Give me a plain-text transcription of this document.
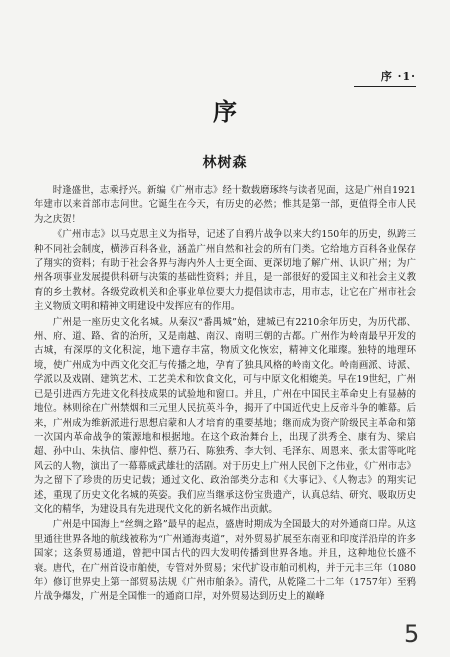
序 ·1·
序
林树森

时逢盛世，志乘抒兴。新编《广州市志》经十数载磨琢终与读者见面，这是广州自1921年建市以来首部市志问世。它诞生在今天，有历史的必然；惟其是第一部，更值得全市人民为之庆贺！

《广州市志》以马克思主义为指导，记述了自鸦片战争以来大约150年的历史，纵跨三种不同社会制度，横涉百科各业，涵盖广州自然和社会的所有门类。它给地方百科各业保存了翔实的资料；有助于社会各界与海内外人士更全面、更深切地了解广州、认识广州；为广州各项事业发展提供科研与决策的基础性资料；并且，是一部很好的爱国主义和社会主义教育的乡土教材。各级党政机关和企事业单位要大力提倡读市志，用市志，让它在广州市社会主义物质文明和精神文明建设中发挥应有的作用。

广州是一座历史文化名城。从秦汉“番禺城”始，建城已有2210余年历史，为历代郡、州、府、道、路、省的治所，又是南越、南汉、南明三朝的古都。广州作为岭南最早开发的古城，有深厚的文化积淀，地下遗存丰富，物质文化恢宏，精神文化璀璨。独特的地理环境，使广州成为中西文化交汇与传播之地，孕育了独具风格的岭南文化。岭南画派、诗派、学派以及戏剧、建筑艺术、工艺美术和饮食文化，可与中原文化相媲美。早在19世纪，广州已是引进西方先进文化科技成果的试验地和窗口。并且，广州在中国民主革命史上有显赫的地位。林则徐在广州禁烟和三元里人民抗英斗争，揭开了中国近代史上反帝斗争的帷幕。后来，广州成为维新派进行思想启蒙和人才培育的重要基地；继而成为资产阶级民主革命和第一次国内革命战争的策源地和根据地。在这个政治舞台上，出现了洪秀全、康有为、梁启超、孙中山、朱执信、廖仲恺、蔡乃石、陈独秀、李大钊、毛泽东、周恩来、张太雷等叱咤风云的人物，演出了一幕幕威武雄壮的活剧。对于历史上广州人民创下之伟业，《广州市志》为之留下了珍贵的历史记载；通过文化、政治部类分志和《大事记》、《人物志》的翔实记述，重现了历史文化名城的英姿。我们应当继承这份宝贵遗产，认真总结、研究、吸取历史文化的精华，为建设具有先进现代文化的新名城作出贡献。

广州是中国海上“丝绸之路”最早的起点，盛唐时期成为全国最大的对外通商口岸。从这里通往世界各地的航线被称为“广州通海夷道”，对外贸易扩展至东南亚和印度洋沿岸的许多国家；这条贸易通道，曾把中国古代的四大发明传播到世界各地。并且，这种地位长盛不衰。唐代，在广州首设市舶使，专管对外贸易；宋代扩设市舶司机构，并于元丰三年（1080年）修订世界史上第一部贸易法规《广州市舶条》。清代，从乾隆二十二年（1757年）至鸦片战争爆发，广州是全国惟一的通商口岸，对外贸易达到历史上的巅峰

5
